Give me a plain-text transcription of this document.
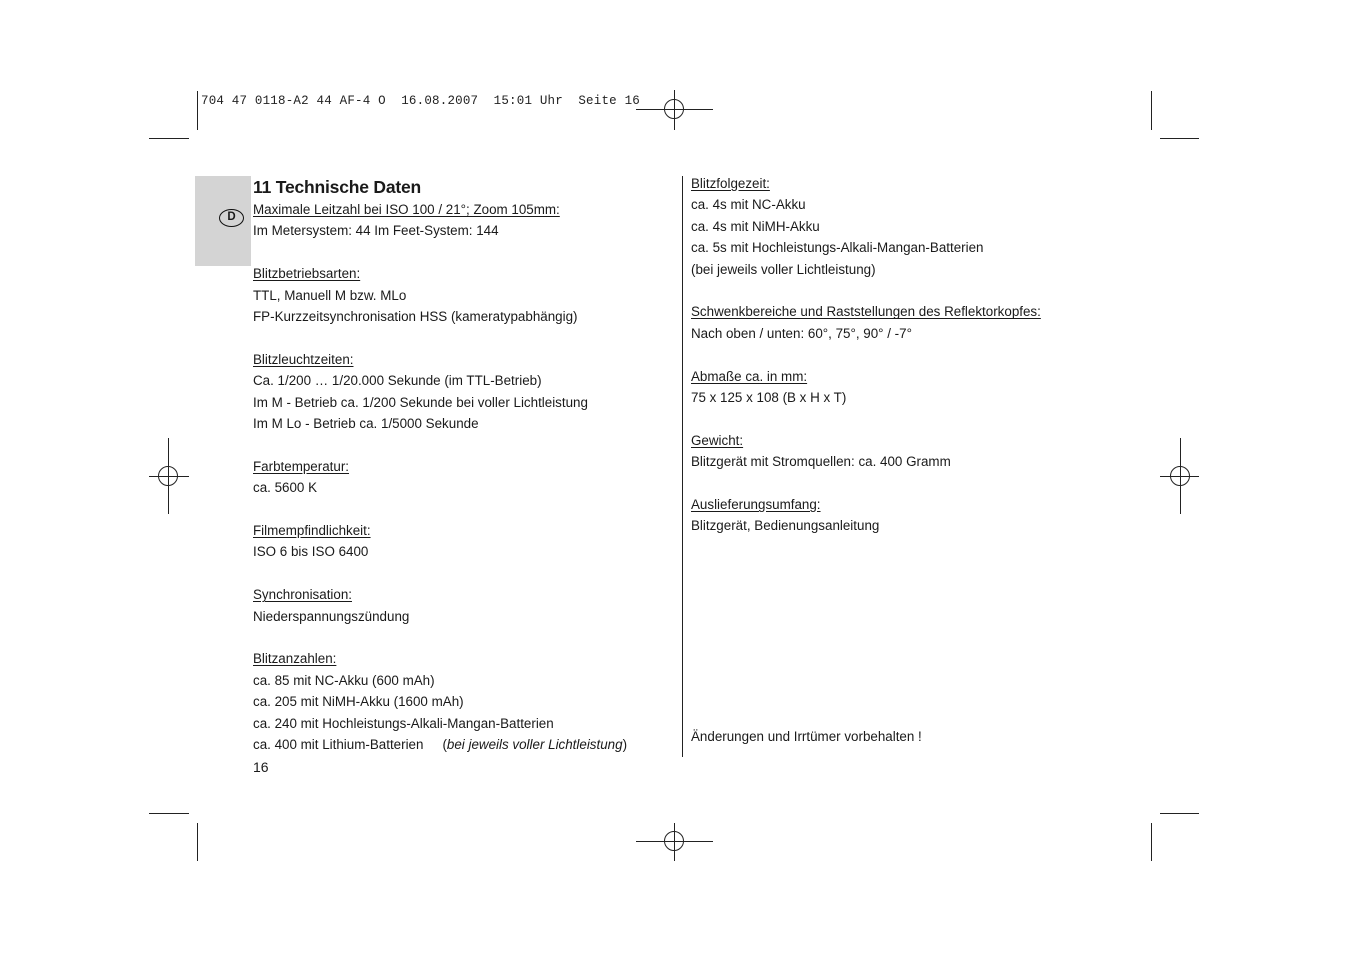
704 47 0118-A2 44 AF-4 O  16.08.2007  15:01 Uhr  Seite 16
D
11 Technische Daten
Maximale Leitzahl bei ISO 100 / 21°; Zoom 105mm:
Im Metersystem: 44 Im Feet-System: 144
Blitzbetriebsarten:
TTL, Manuell M bzw. MLo
FP-Kurzzeitsynchronisation HSS (kameratypabhängig)
Blitzleuchtzeiten:
Ca. 1/200 … 1/20.000 Sekunde (im TTL-Betrieb)
Im M - Betrieb ca. 1/200 Sekunde bei voller Lichtleistung
Im M Lo - Betrieb ca. 1/5000 Sekunde
Farbtemperatur:
ca. 5600 K
Filmempfindlichkeit:
ISO 6 bis ISO 6400
Synchronisation:
Niederspannungszündung
Blitzanzahlen:
ca. 85 mit NC-Akku (600 mAh)
ca. 205 mit NiMH-Akku (1600 mAh)
ca. 240 mit Hochleistungs-Alkali-Mangan-Batterien
ca. 400 mit Lithium-Batterien (bei jeweils voller Lichtleistung)
16
Blitzfolgezeit:
ca. 4s mit NC-Akku
ca. 4s mit NiMH-Akku
ca. 5s mit Hochleistungs-Alkali-Mangan-Batterien
(bei jeweils voller Lichtleistung)
Schwenkbereiche und Raststellungen des Reflektorkopfes:
Nach oben / unten: 60°, 75°, 90° / -7°
Abmaße ca. in mm:
75 x 125 x 108 (B x H x T)
Gewicht:
Blitzgerät mit Stromquellen: ca. 400 Gramm
Auslieferungsumfang:
Blitzgerät, Bedienungsanleitung
Änderungen und Irrtümer vorbehalten !
